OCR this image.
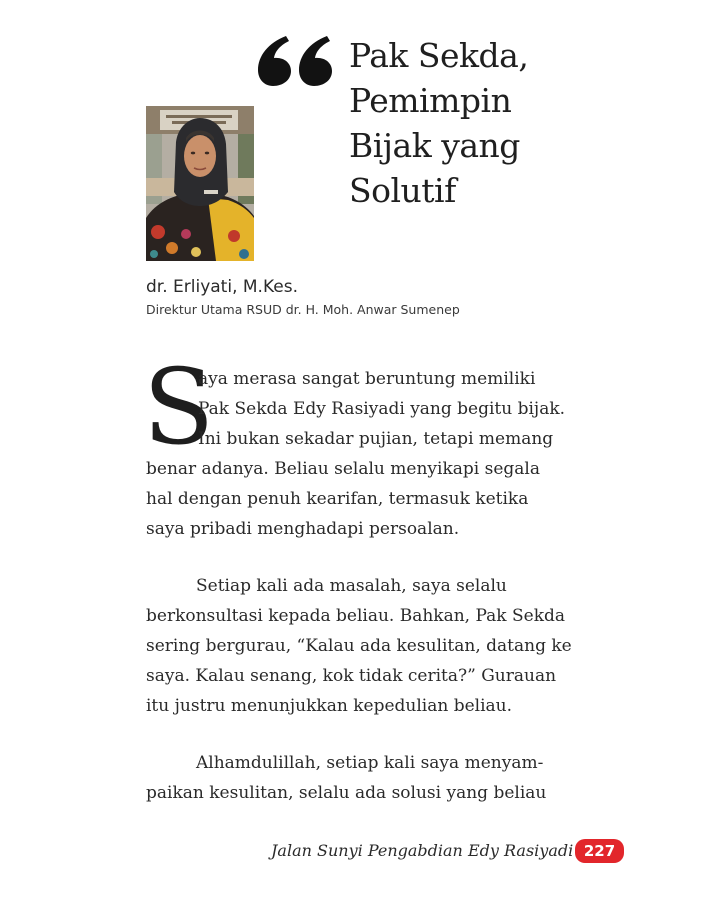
Pak Sekda,
Pemimpin
Bijak yang
Solutif
dr. Erliyati, M.Kes.
Direktur Utama RSUD dr. H. Moh. Anwar Sumenep
S

aya merasa sangat beruntung memiliki
Pak Sekda Edy Rasiyadi yang begitu bijak.
Ini bukan sekadar pujian, tetapi memang
benar adanya. Beliau selalu menyikapi segala
hal dengan penuh kearifan, termasuk ketika
saya pribadi menghadapi persoalan.

Setiap kali ada masalah, saya selalu
berkonsultasi kepada beliau. Bahkan, Pak Sekda
sering bergurau, “Kalau ada kesulitan, datang ke
saya. Kalau senang, kok tidak cerita?” Gurauan
itu justru menunjukkan kepedulian beliau.

Alhamdulillah, setiap kali saya menyam-
paikan kesulitan, selalu ada solusi yang beliau

Jalan Sunyi Pengabdian Edy Rasiyadi 227
